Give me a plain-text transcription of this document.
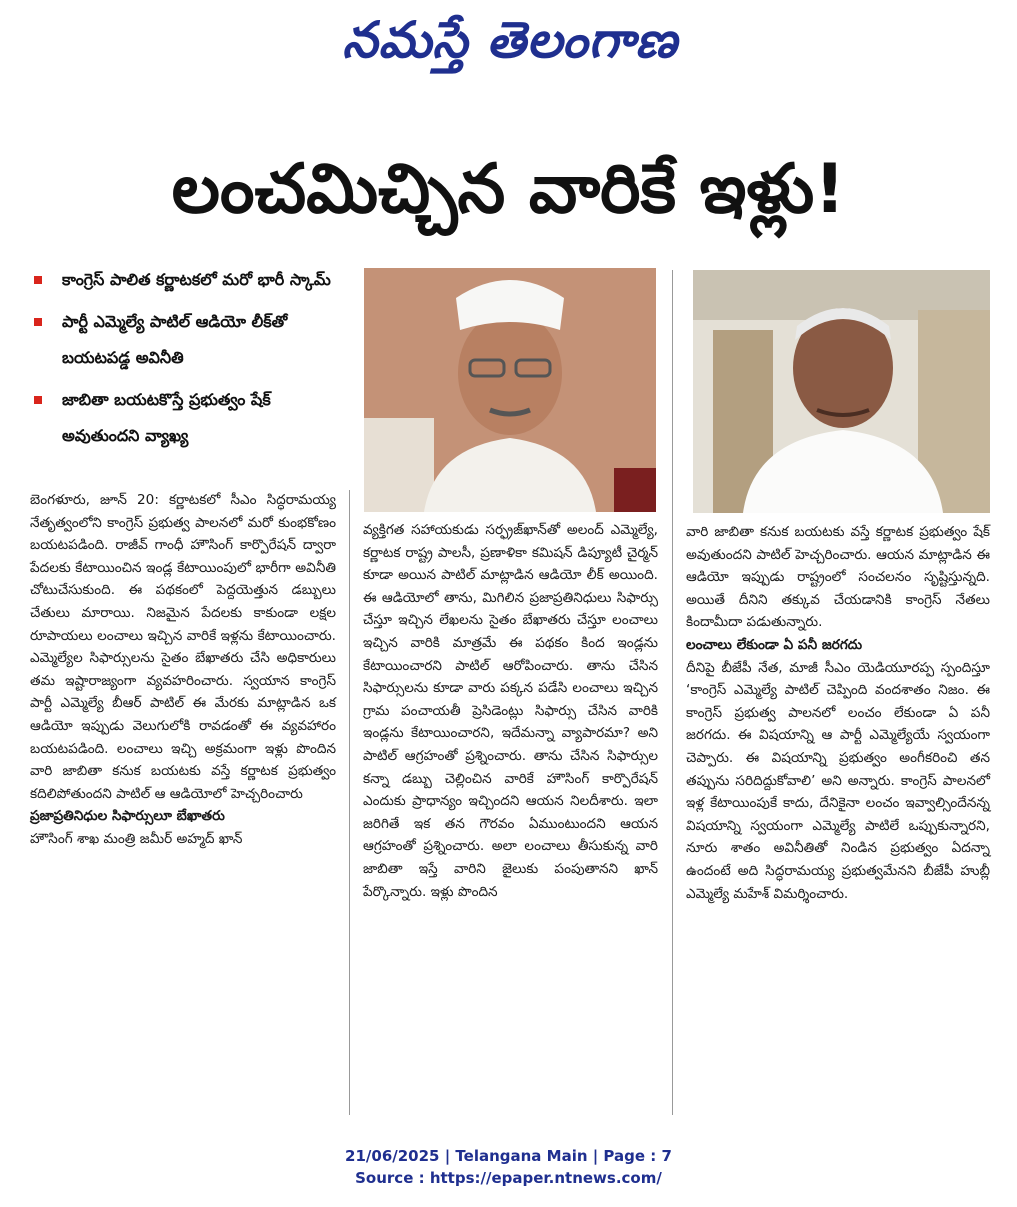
నమస్తే తెలంగాణ
లంచమిచ్చిన వారికే ఇళ్లు!
కాంగ్రెస్ పాలిత కర్ణాటకలో మరో భారీ స్కామ్
పార్టీ ఎమ్మెల్యే పాటిల్ ఆడియో లీక్‌తో బయటపడ్డ అవినీతి
జాబితా బయటకొస్తే ప్రభుత్వం షేక్ అవుతుందని వ్యాఖ్య

బెంగళూరు, జూన్ 20: కర్ణాటకలో సీఎం సిద్ధరామయ్య నేతృత్వంలోని కాంగ్రెస్ ప్రభుత్వ పాలనలో మరో కుంభకోణం బయటపడింది. రాజీవ్ గాంధీ హౌసింగ్ కార్పొరేషన్ ద్వారా పేదలకు కేటాయించిన ఇండ్ల కేటాయింపులో భారీగా అవినీతి చోటుచేసుకుంది. ఈ పథకంలో పెద్దయెత్తున డబ్బులు చేతులు మారాయి. నిజమైన పేదలకు కాకుండా లక్షల రూపాయలు లంచాలు ఇచ్చిన వారికే ఇళ్లను కేటాయించారు. ఎమ్మెల్యేల సిఫార్సులను సైతం బేఖాతరు చేసి అధికారులు తమ ఇష్టారాజ్యంగా వ్యవహరించారు. స్వయాన కాంగ్రెస్ పార్టీ ఎమ్మెల్యే బీఆర్ పాటిల్ ఈ మేరకు మాట్లాడిన ఒక ఆడియో ఇప్పుడు వెలుగులోకి రావడంతో ఈ వ్యవహారం బయటపడింది. లంచాలు ఇచ్చి అక్రమంగా ఇళ్లు పొందిన వారి జాబితా కనుక బయటకు వస్తే కర్ణాటక ప్రభుత్వం కదిలిపోతుందని పాటిల్ ఆ ఆడియోలో హెచ్చరించారు

ప్రజాప్రతినిధుల సిఫార్సులూ బేఖాతరు

హౌసింగ్ శాఖ మంత్రి జమీర్ అహ్మద్ ఖాన్

వ్యక్తిగత సహాయకుడు సర్ఫ్రజ్‌ఖాన్‌తో అలంద్ ఎమ్మెల్యే, కర్ణాటక రాష్ట్ర పాలసీ, ప్రణాళికా కమిషన్ డిప్యూటీ చైర్మన్ కూడా అయిన పాటిల్ మాట్లాడిన ఆడియో లీక్ అయింది. ఈ ఆడియోలో తాను, మిగిలిన ప్రజాప్రతినిధులు సిఫార్సు చేస్తూ ఇచ్చిన లేఖలను సైతం బేఖాతరు చేస్తూ లంచాలు ఇచ్చిన వారికి మాత్రమే ఈ పథకం కింద ఇండ్లను కేటాయించారని పాటిల్ ఆరోపించారు. తాను చేసిన సిఫార్సులను కూడా వారు పక్కన పడేసి లంచాలు ఇచ్చిన గ్రామ పంచాయతీ ప్రెసిడెంట్లు సిఫార్సు చేసిన వారికి ఇండ్లను కేటాయించారని, ఇదేమన్నా వ్యాపారమా? అని పాటిల్ ఆగ్రహంతో ప్రశ్నించారు. తాను చేసిన సిఫార్సుల కన్నా డబ్బు చెల్లించిన వారికే హౌసింగ్ కార్పొరేషన్ ఎందుకు ప్రాధాన్యం ఇచ్చిందని ఆయన నిలదీశారు. ఇలా జరిగితే ఇక తన గౌరవం ఏముంటుందని ఆయన ఆగ్రహంతో ప్రశ్నించారు. అలా లంచాలు తీసుకున్న వారి జాబితా ఇస్తే వారిని జైలుకు పంపుతానని ఖాన్ పేర్కొన్నారు. ఇళ్లు పొందిన

వారి జాబితా కనుక బయటకు వస్తే కర్ణాటక ప్రభుత్వం షేక్ అవుతుందని పాటిల్ హెచ్చరించారు. ఆయన మాట్లాడిన ఈ ఆడియో ఇప్పుడు రాష్ట్రంలో సంచలనం సృష్టిస్తున్నది. అయితే దీనిని తక్కువ చేయడానికి కాంగ్రెస్ నేతలు కిందామీదా పడుతున్నారు.

లంచాలు లేకుండా ఏ పనీ జరగదు

దీనిపై బీజేపీ నేత, మాజీ సీఎం యెడియూరప్ప స్పందిస్తూ ‘కాంగ్రెస్ ఎమ్మెల్యే పాటిల్ చెప్పింది వందశాతం నిజం. ఈ కాంగ్రెస్ ప్రభుత్వ పాలనలో లంచం లేకుండా ఏ పనీ జరగదు. ఈ విషయాన్ని ఆ పార్టీ ఎమ్మెల్యేయే స్వయంగా చెప్పారు. ఈ విషయాన్ని ప్రభుత్వం అంగీకరించి తన తప్పును సరిదిద్దుకోవాలి’ అని అన్నారు. కాంగ్రెస్ పాలనలో ఇళ్ల కేటాయింపుకే కాదు, దేనికైనా లంచం ఇవ్వాల్సిందేనన్న విషయాన్ని స్వయంగా ఎమ్మెల్యే పాటిలే ఒప్పుకున్నారని, నూరు శాతం అవినీతితో నిండిన ప్రభుత్వం ఏదన్నా ఉందంటే అది సిద్ధరామయ్య ప్రభుత్వమేనని బీజేపీ హుబ్లీ ఎమ్మెల్యే మహేశ్ విమర్శించారు.

21/06/2025 | Telangana Main | Page : 7
Source : https://epaper.ntnews.com/
